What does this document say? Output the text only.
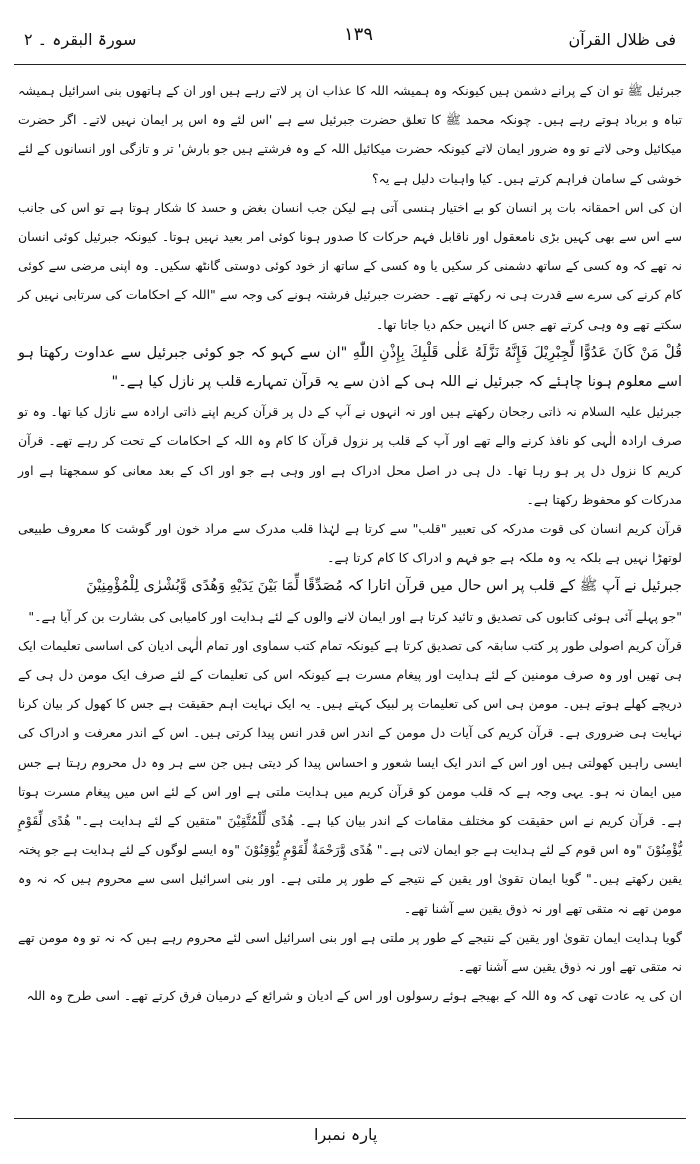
فی ظلال القرآن
۱۳۹
سورۃ البقرہ ۔ ۲

جبرئیل ﷺ تو ان کے پرانے دشمن ہیں کیونکہ وہ ہمیشہ اللہ کا عذاب ان پر لاتے رہے ہیں اور ان کے ہاتھوں بنی اسرائیل ہمیشہ تباہ و برباد ہوتے رہے ہیں۔ چونکہ محمد ﷺ کا تعلق حضرت جبرئیل سے ہے 'اس لئے وہ اس پر ایمان نہیں لاتے۔ اگر حضرت میکائیل وحی لاتے تو وہ ضرور ایمان لاتے کیونکہ حضرت میکائیل اللہ کے وہ فرشتے ہیں جو بارش' تر و تازگی اور انسانوں کے لئے خوشی کے سامان فراہم کرتے ہیں۔ کیا واہیات دلیل ہے یہ؟

ان کی اس احمقانہ بات پر انسان کو بے اختیار ہنسی آتی ہے لیکن جب انسان بغض و حسد کا شکار ہوتا ہے تو اس کی جانب سے اس سے بھی کہیں بڑی نامعقول اور ناقابل فہم حرکات کا صدور ہونا کوئی امر بعید نہیں ہوتا۔ کیونکہ جبرئیل کوئی انسان نہ تھے کہ وہ کسی کے ساتھ دشمنی کر سکیں یا وہ کسی کے ساتھ از خود کوئی دوستی گانٹھ سکیں۔ وہ اپنی مرضی سے کوئی کام کرنے کی سرے سے قدرت ہی نہ رکھتے تھے۔ حضرت جبرئیل فرشتہ ہونے کی وجہ سے "اللہ کے احکامات کی سرتابی نہیں کر سکتے تھے وہ وہی کرتے تھے جس کا انہیں حکم دیا جاتا تھا۔

قُلْ مَنْ كَانَ عَدُوًّا لِّجِبْرِيْلَ فَإِنَّهُ نَزَّلَهُ عَلٰى قَلْبِكَ بِإِذْنِ اللّٰهِ "ان سے کہو کہ جو کوئی جبرئیل سے عداوت رکھتا ہو اسے معلوم ہونا چاہئے کہ جبرئیل نے اللہ ہی کے اذن سے یہ قرآن تمہارے قلب پر نازل کیا ہے۔"

جبرئیل علیہ السلام نہ ذاتی رجحان رکھتے ہیں اور نہ انہوں نے آپ کے دل پر قرآن کریم اپنے ذاتی ارادہ سے نازل کیا تھا۔ وہ تو صرف ارادہ الٰہی کو نافذ کرنے والے تھے اور آپ کے قلب پر نزول قرآن کا کام وہ اللہ کے احکامات کے تحت کر رہے تھے۔ قرآن کریم کا نزول دل پر ہو رہا تھا۔ دل ہی در اصل محل ادراک ہے اور وہی ہے جو اور اک کے بعد معانی کو سمجھتا ہے اور مدرکات کو محفوظ رکھتا ہے۔

قرآن کریم انسان کی قوت مدرکہ کی تعبیر "قلب" سے کرتا ہے لہٰذا قلب مدرک سے مراد خون اور گوشت کا معروف طبیعی لوتھڑا نہیں ہے بلکہ یہ وہ ملکہ ہے جو فہم و ادراک کا کام کرتا ہے۔

جبرئیل نے آپ ﷺ کے قلب پر اس حال میں قرآن اتارا کہ مُصَدِّقًا لِّمَا بَيْنَ يَدَيْهِ وَهُدًى وَّبُشْرٰى لِلْمُؤْمِنِيْنَ

"جو پہلے آئی ہوئی کتابوں کی تصدیق و تائید کرتا ہے اور ایمان لانے والوں کے لئے ہدایت اور کامیابی کی بشارت بن کر آیا ہے۔"

قرآن کریم اصولی طور پر کتب سابقہ کی تصدیق کرتا ہے کیونکہ تمام کتب سماوی اور تمام الٰہی ادیان کی اساسی تعلیمات ایک ہی تھیں اور وہ صرف مومنین کے لئے ہدایت اور پیغام مسرت ہے کیونکہ اس کی تعلیمات کے لئے صرف ایک مومن دل ہی کے دریچے کھلے ہوتے ہیں۔ مومن ہی اس کی تعلیمات پر لبیک کہتے ہیں۔ یہ ایک نہایت اہم حقیقت ہے جس کا کھول کر بیان کرنا نہایت ہی ضروری ہے۔ قرآن کریم کی آیات دل مومن کے اندر اس قدر انس پیدا کرتی ہیں۔ اس کے اندر معرفت و ادراک کی ایسی راہیں کھولتی ہیں اور اس کے اندر ایک ایسا شعور و احساس پیدا کر دیتی ہیں جن سے ہر وہ دل محروم رہتا ہے جس میں ایمان نہ ہو۔ یہی وجہ ہے کہ قلب مومن کو قرآن کریم میں ہدایت ملتی ہے اور اس کے لئے اس میں پیغام مسرت ہوتا ہے۔ قرآن کریم نے اس حقیقت کو مختلف مقامات کے اندر بیان کیا ہے۔ هُدًى لِّلْمُتَّقِيْنَ "متقین کے لئے ہدایت ہے۔" هُدًى لِّقَوْمٍ يُّؤْمِنُوْنَ "وہ اس قوم کے لئے ہدایت ہے جو ایمان لاتی ہے۔" هُدًى وَّرَحْمَةٌ لِّقَوْمٍ يُّوْقِنُوْنَ "وہ ایسے لوگوں کے لئے ہدایت ہے جو پختہ یقین رکھتے ہیں۔" گویا ایمان تقویٰ اور یقین کے نتیجے کے طور پر ملتی ہے۔ اور بنی اسرائیل اسی سے محروم ہیں کہ نہ وہ مومن تھے نہ متقی تھے اور نہ ذوق یقین سے آشنا تھے۔

گویا ہدایت ایمان تقویٰ اور یقین کے نتیجے کے طور پر ملتی ہے اور بنی اسرائیل اسی لئے محروم رہے ہیں کہ نہ تو وہ مومن تھے نہ متقی تھے اور نہ ذوق یقین سے آشنا تھے۔

ان کی یہ عادت تھی کہ وہ اللہ کے بھیجے ہوئے رسولوں اور اس کے ادیان و شرائع کے درمیان فرق کرتے تھے۔ اسی طرح وہ اللہ

پارہ نمبرا
